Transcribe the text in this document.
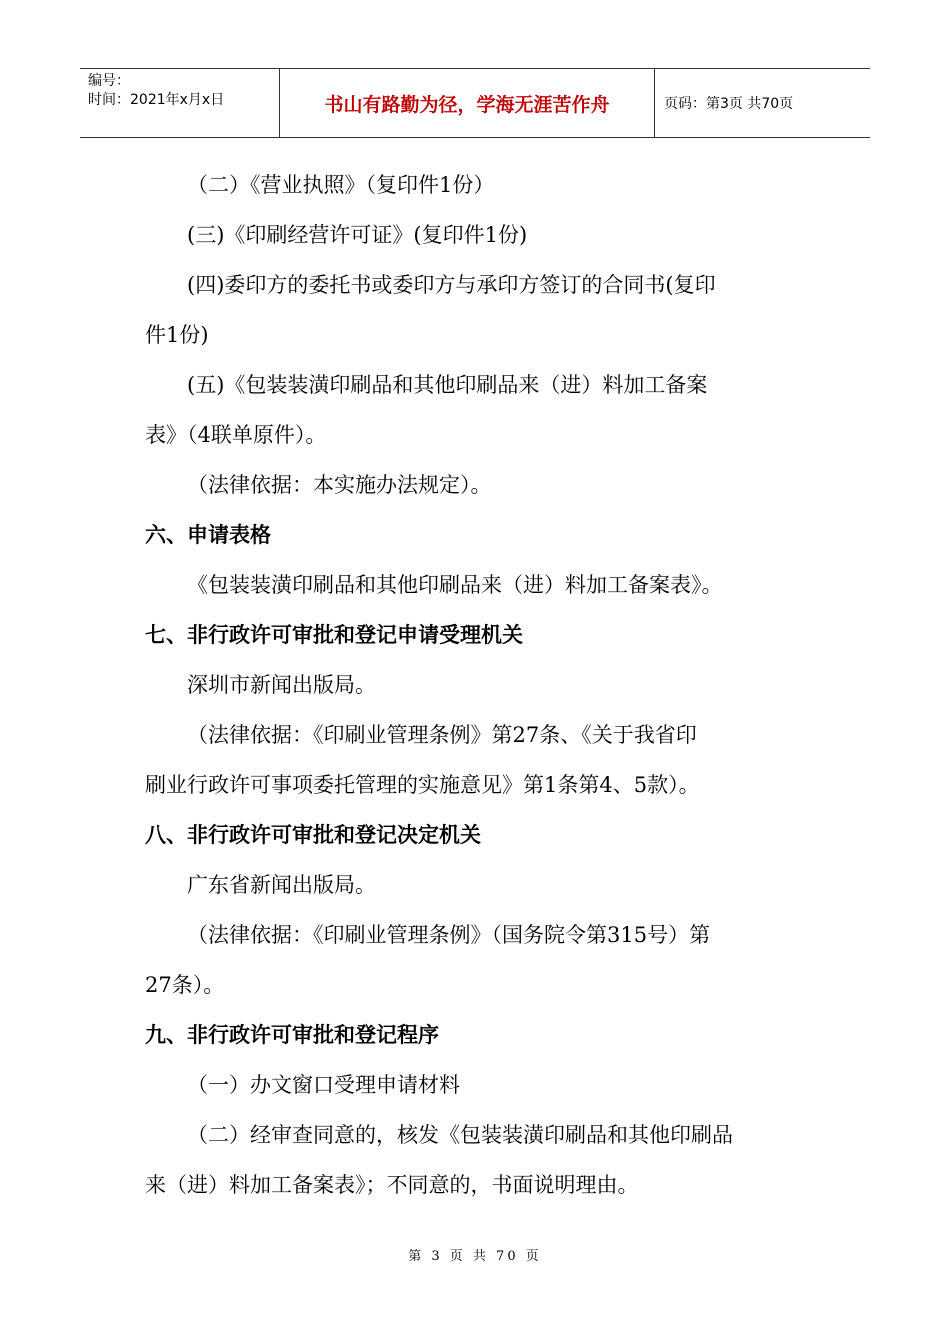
编号：
时间：2021年x月x日	书山有路勤为径，学海无涯苦作舟	页码：第3页 共70页
（二）《营业执照》（复印件1份）
(三)《印刷经营许可证》(复印件1份)
(四)委印方的委托书或委印方与承印方签订的合同书(复印
件1份)
(五)《包装装潢印刷品和其他印刷品来（进）料加工备案
表》（4联单原件）。
（法律依据：本实施办法规定）。
六、申请表格
《包装装潢印刷品和其他印刷品来（进）料加工备案表》。
七、非行政许可审批和登记申请受理机关
深圳市新闻出版局。
（法律依据：《印刷业管理条例》第27条、《关于我省印
刷业行政许可事项委托管理的实施意见》第1条第4、5款）。
八、非行政许可审批和登记决定机关
广东省新闻出版局。
（法律依据：《印刷业管理条例》（国务院令第315号）第
27条）。
九、非行政许可审批和登记程序
（一）办文窗口受理申请材料
（二）经审查同意的，核发《包装装潢印刷品和其他印刷品
来（进）料加工备案表》；不同意的，书面说明理由。
第 3 页 共 70 页
